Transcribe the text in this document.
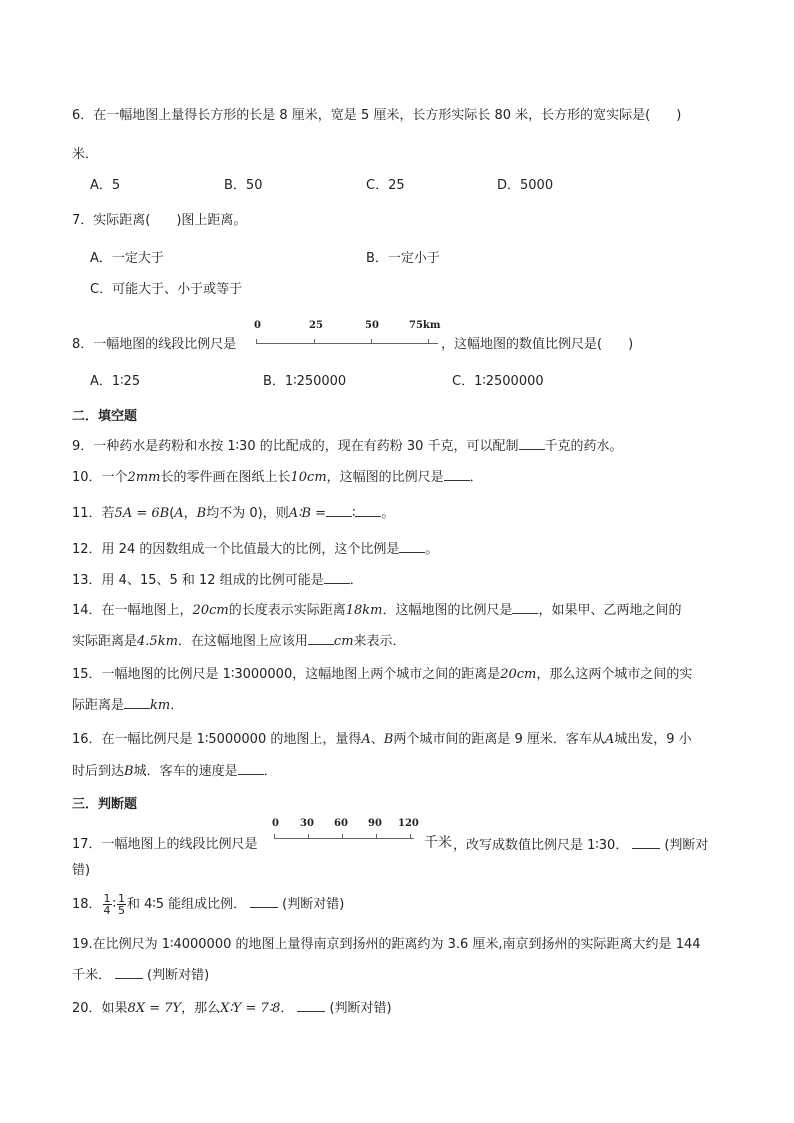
6．在一幅地图上量得长方形的长是 8 厘米，宽是 5 厘米，长方形实际长 80 米，长方形的宽实际是(　　)
米．
A．5	B．50	C．25	D．5000
7．实际距离(　　)图上距离。
A．一定大于	B．一定小于
C．可能大于、小于或等于
8．一幅地图的线段比例尺是
0	25	50	75km
，这幅地图的数值比例尺是(　　)
A．1∶25	B．1∶250000	C．1∶2500000
二．填空题
9．一种药水是药粉和水按 1∶30 的比配成的，现在有药粉 30 千克，可以配制 千克的药水。
10．一个2mm长的零件画在图纸上长10cm，这幅图的比例尺是 ．
11．若5A = 6B(A，B均不为 0)，则A∶B = ∶ 。
12．用 24 的因数组成一个比值最大的比例，这个比例是 。
13．用 4、15、5 和 12 组成的比例可能是 ．
14．在一幅地图上，20cm的长度表示实际距离18km．这幅地图的比例尺是 ，如果甲、乙两地之间的
实际距离是4.5km．在这幅地图上应该用 cm来表示．
15．一幅地图的比例尺是 1∶3000000，这幅地图上两个城市之间的距离是20cm，那么这两个城市之间的实
际距离是 km．
16．在一幅比例尺是 1∶5000000 的地图上，量得A、B两个城市间的距离是 9 厘米．客车从A城出发，9 小
时后到达B城．客车的速度是 ．
三．判断题
17．一幅地图上的线段比例尺是
0 30 60 90 120
千米 ，改写成数值比例尺是 1∶30．	(判断对
错)
18． $\frac{1}{4}$ ∶ $\frac{1}{5}$ 和 4∶5 能组成比例．	(判断对错)
19.在比例尺为 1∶4000000 的地图上量得南京到扬州的距离约为 3.6 厘米,南京到扬州的实际距离大约是 144
千米．	(判断对错)
20．如果8X = 7Y，那么X∶Y = 7∶8．	(判断对错)
